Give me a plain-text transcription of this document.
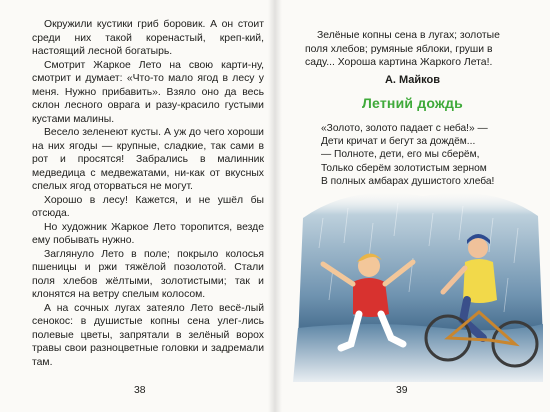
Окружили кустики гриб боровик. А он стоит среди них такой коренастый, креп-кий, настоящий лесной богатырь.

Смотрит Жаркое Лето на свою карти-ну, смотрит и думает: «Что-то мало ягод в лесу у меня. Нужно прибавить». Взяло оно да весь склон лесного оврага и разу-красило густыми кустами малины.

Весело зеленеют кусты. А уж до чего хороши на них ягоды — крупные, сладкие, так сами в рот и просятся! Забрались в малинник медведица с медвежатами, ни-как от вкусных спелых ягод оторваться не могут.

Хорошо в лесу! Кажется, и не ушёл бы отсюда.

Но художник Жаркое Лето торопится, везде ему побывать нужно.

Заглянуло Лето в поле; покрыло колосья пшеницы и ржи тяжёлой позолотой. Стали поля хлебов жёлтыми, золотистыми; так и клонятся на ветру спелым колосом.

А на сочных лугах затеяло Лето весё-лый сенокос: в душистые копны сена улег-лись полевые цветы, запрятали в зелёный ворох травы свои разноцветные головки и задремали там.

38

Зелёные копны сена в лугах; золотые поля хлебов; румяные яблоки, груши в саду... Хороша картина Жаркого Лета!.

А. Майков
Летний дождь
«Золото, золото падает с неба!» —
Дети кричат и бегут за дождём...
— Полноте, дети, его мы сберём,
Только сберём золотистым зерном
В полных амбарах душистого хлеба!
39
